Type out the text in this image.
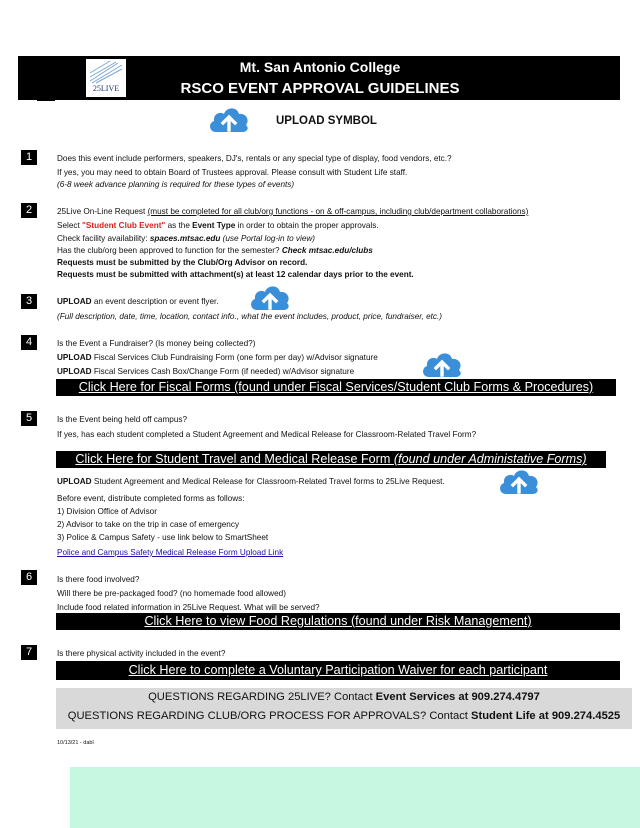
25LIVE
Mt. San Antonio College
RSCO EVENT APPROVAL GUIDELINES
UPLOAD SYMBOL
1	Does this event include performers, speakers, DJ's, rentals or any special type of display, food vendors, etc.?
If yes, you may need to obtain Board of Trustees approval. Please consult with Student Life staff.
(6-8 week advance planning is required for these types of events)
2	25Live On-Line Request (must be completed for all club/org functions - on & off-campus, including club/department collaborations)
Select "Student Club Event" as the Event Type in order to obtain the proper approvals.
Check facility availability: spaces.mtsac.edu (use Portal log-in to view)
Has the club/org been approved to function for the semester? Check mtsac.edu/clubs
Requests must be submitted by the Club/Org Advisor on record.
Requests must be submitted with attachment(s) at least 12 calendar days prior to the event.
3	UPLOAD an event description or event flyer.
(Full description, date, time, location, contact info., what the event includes, product, price, fundraiser, etc.)
4	Is the Event a Fundraiser? (Is money being collected?)
UPLOAD Fiscal Services Club Fundraising Form (one form per day) w/Advisor signature
UPLOAD Fiscal Services Cash Box/Change Form (if needed) w/Advisor signature
Click Here for Fiscal Forms (found under Fiscal Services/Student Club Forms & Procedures)
5	Is the Event being held off campus?
If yes, has each student completed a Student Agreement and Medical Release for Classroom-Related Travel Form?
Click Here for Student Travel and Medical Release Form (found under Administative Forms)
UPLOAD Student Agreement and Medical Release for Classroom-Related Travel forms to 25Live Request.
Before event, distribute completed forms as follows:
1) Division Office of Advisor
2) Advisor to take on the trip in case of emergency
3) Police & Campus Safety - use link below to SmartSheet
Police and Campus Safety Medical Release Form Upload Link
6	Is there food involved?
Will there be pre-packaged food? (no homemade food allowed)
Include food related information in 25Live Request. What will be served?
Click Here to view Food Regulations (found under Risk Management)
7	Is there physical activity included in the event?
Click Here to complete a Voluntary Participation Waiver for each participant
QUESTIONS REGARDING 25LIVE? Contact Event Services at 909.274.4797
QUESTIONS REGARDING CLUB/ORG PROCESS FOR APPROVALS? Contact Student Life at 909.274.4525
10/13/21 - dabl
